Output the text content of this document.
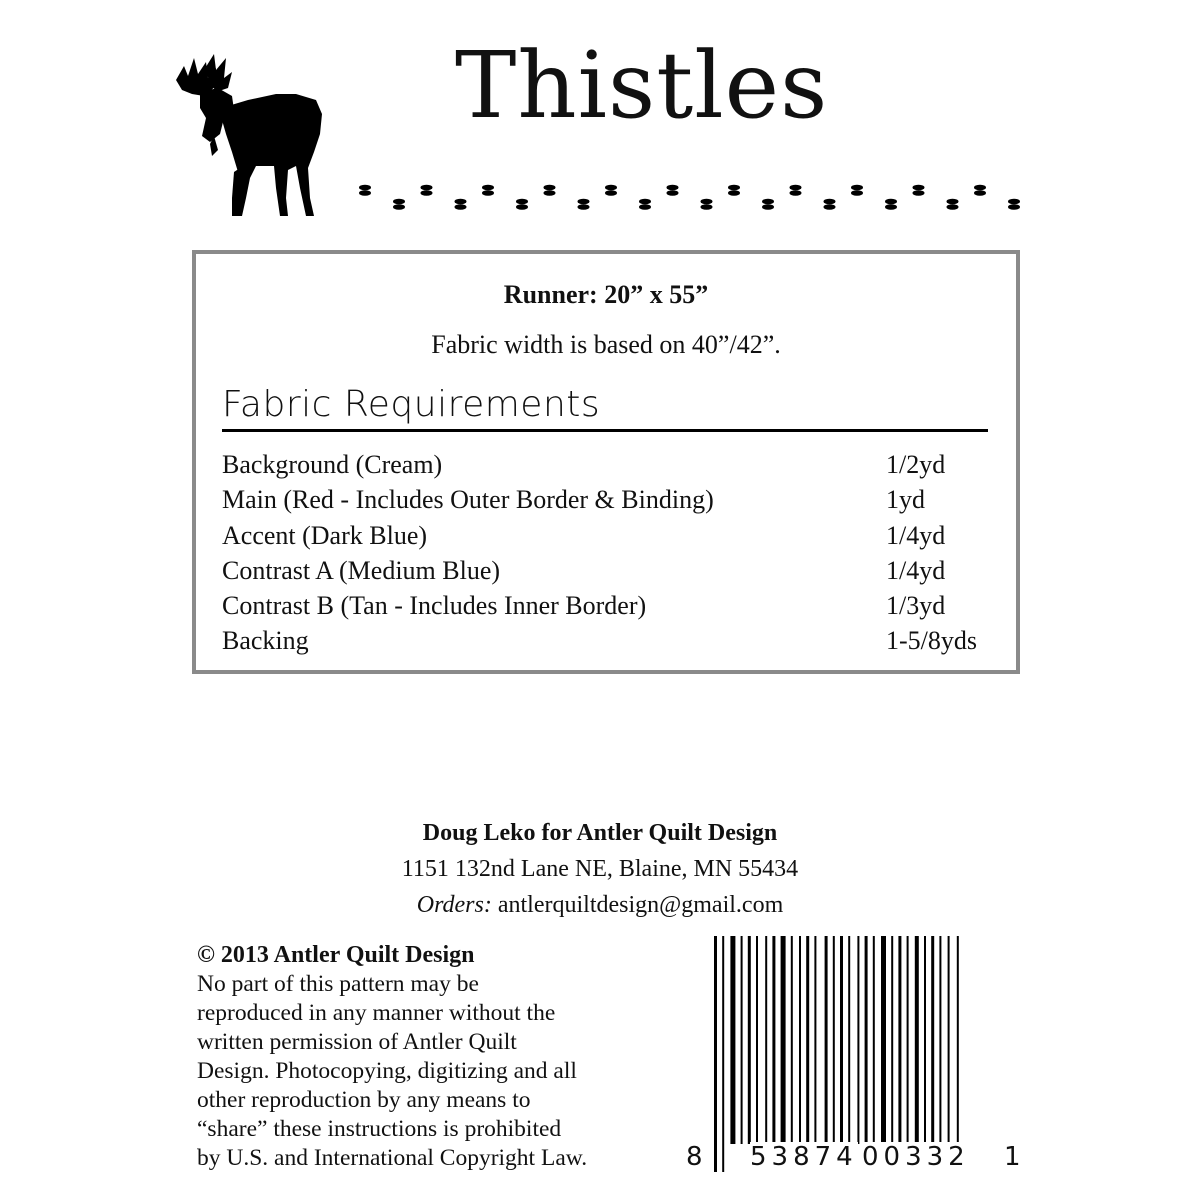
Thistles
Runner: 20” x 55”
Fabric width is based on 40”/42”.
Fabric Requirements
Background (Cream)	1/2yd
Main (Red - Includes Outer Border & Binding)	1yd
Accent (Dark Blue)	1/4yd
Contrast A (Medium Blue)	1/4yd
Contrast B (Tan - Includes Inner Border)	1/3yd
Backing	1-5/8yds
Doug Leko for Antler Quilt Design
1151 132nd Lane NE, Blaine, MN 55434
Orders: antlerquiltdesign@gmail.com
© 2013 Antler Quilt Design
No part of this pattern may be
reproduced in any manner without the
written permission of Antler Quilt
Design. Photocopying, digitizing and all
other reproduction by any means to
“share” these instructions is prohibited
by U.S. and International Copyright Law.	8 53874 00332 1
